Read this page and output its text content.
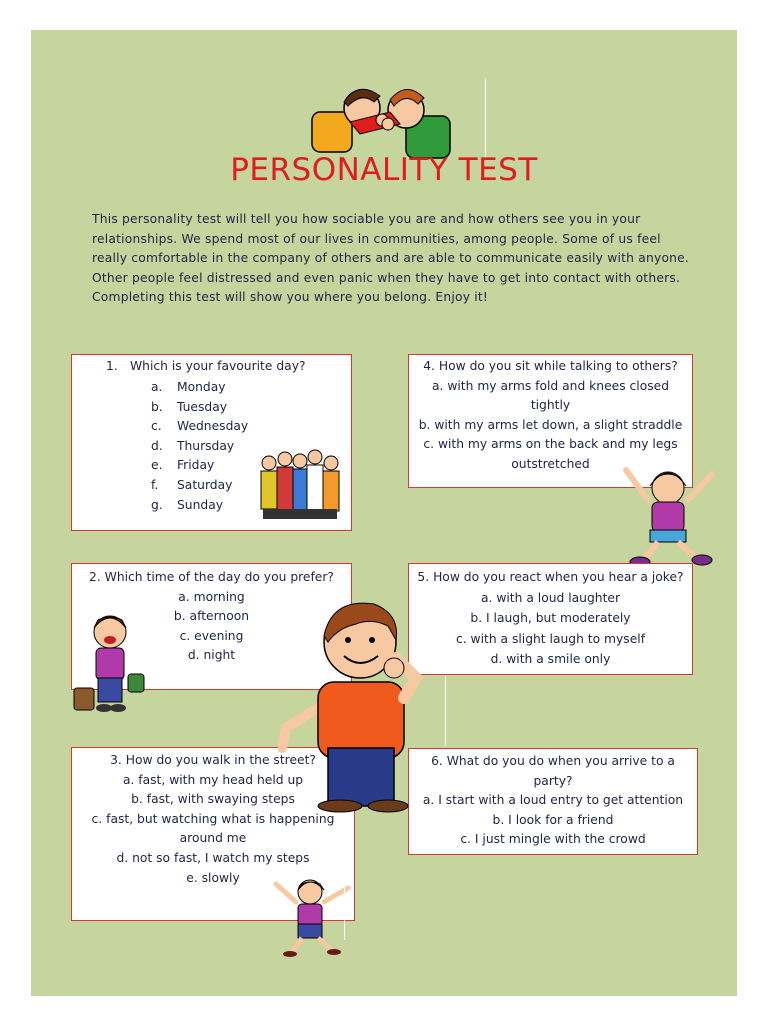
PERSONALITY TEST
This personality test will tell you how sociable you are and how others see you in your relationships. We spend most of our lives in communities, among people. Some of us feel really comfortable in the company of others and are able to communicate easily with anyone. Other people feel distressed and even panic when they have to get into contact with others. Completing this test will show you where you belong. Enjoy it!
1. Which is your favourite day?
a.	Monday
b.	Tuesday
c.	Wednesday
d.	Thursday
e.	Friday
f.	Saturday
g.	Sunday
4. How do you sit while talking to others?
a. with my arms fold and knees closed
tightly
b. with my arms let down, a slight straddle
c. with my arms on the back and my legs
outstretched
2. Which time of the day do you prefer?
a. morning
b. afternoon
c. evening
d. night
5. How do you react when you hear a joke?
a. with a loud laughter
b. I laugh, but moderately
c. with a slight laugh to myself
d. with a smile only
3. How do you walk in the street?
a. fast, with my head held up
b. fast, with swaying steps
c. fast, but watching what is happening
around me
d. not so fast, I watch my steps
e. slowly
6. What do you do when you arrive to a
party?
a. I start with a loud entry to get attention
b. I look for a friend
c. I just mingle with the crowd
